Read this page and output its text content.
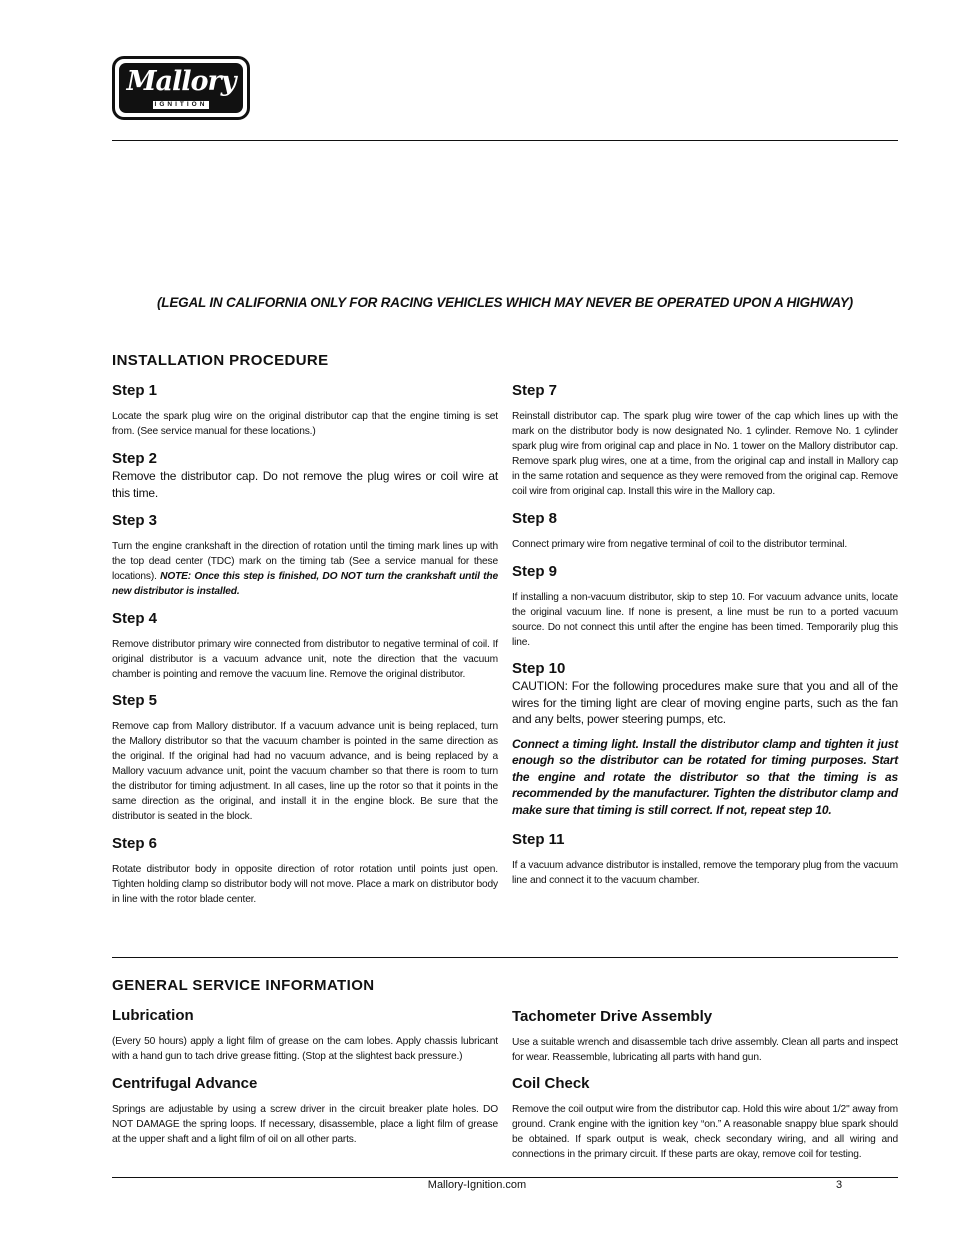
Mallory
IGNITION
(LEGAL IN CALIFORNIA ONLY FOR RACING VEHICLES WHICH MAY NEVER BE OPERATED UPON A HIGHWAY)
INSTALLATION PROCEDURE
Step 1

Locate the spark plug wire on the original distributor cap that the engine timing is set from. (See service manual for these locations.)

Step 2

Remove the distributor cap. Do not remove the plug wires or coil wire at this time.

Step 3

Turn the engine crankshaft in the direction of rotation until the timing mark lines up with the top dead center (TDC) mark on the timing tab (See a service manual for these locations). NOTE: Once this step is finished, DO NOT turn the crankshaft until the new distributor is installed.

Step 4

Remove distributor primary wire connected from distributor to negative terminal of coil. If original distributor is a vacuum advance unit, note the direction that the vacuum chamber is pointing and remove the vacuum line. Remove the original distributor.

Step 5

Remove cap from Mallory distributor. If a vacuum advance unit is being replaced, turn the Mallory distributor so that the vacuum chamber is pointed in the same direction as the original. If the original had had no vacuum advance, and is being replaced by a Mallory vacuum advance unit, point the vacuum chamber so that there is room to turn the distributor for timing adjustment. In all cases, line up the rotor so that it points in the same direction as the original, and install it in the engine block. Be sure that the distributor is seated in the block.

Step 6

Rotate distributor body in opposite direction of rotor rotation until points just open. Tighten holding clamp so distributor body will not move. Place a mark on distributor body in line with the rotor blade center.

Step 7

Reinstall distributor cap. The spark plug wire tower of the cap which lines up with the mark on the distributor body is now designated No. 1 cylinder. Remove No. 1 cylinder spark plug wire from original cap and place in No. 1 tower on the Mallory distributor cap. Remove spark plug wires, one at a time, from the original cap and install in Mallory cap in the same rotation and sequence as they were removed from the original cap. Remove coil wire from original cap. Install this wire in the Mallory cap.

Step 8

Connect primary wire from negative terminal of coil to the distributor terminal.

Step 9

If installing a non-vacuum distributor, skip to step 10. For vacuum advance units, locate the original vacuum line. If none is present, a line must be run to a ported vacuum source. Do not connect this until after the engine has been timed. Temporarily plug this line.

Step 10

CAUTION: For the following procedures make sure that you and all of the wires for the timing light are clear of moving engine parts, such as the fan and any belts, power steering pumps, etc.

Connect a timing light. Install the distributor clamp and tighten it just enough so the distributor can be rotated for timing purposes. Start the engine and rotate the distributor so that the timing is as recommended by the manufacturer. Tighten the distributor clamp and make sure that timing is still correct. If not, repeat step 10.

Step 11

If a vacuum advance distributor is installed, remove the temporary plug from the vacuum line and connect it to the vacuum chamber.

GENERAL SERVICE INFORMATION
Lubrication

(Every 50 hours) apply a light film of grease on the cam lobes. Apply chassis lubricant with a hand gun to tach drive grease fitting. (Stop at the slightest back pressure.)

Centrifugal Advance

Springs are adjustable by using a screw driver in the circuit breaker plate holes. DO NOT DAMAGE the spring loops. If necessary, disassemble, place a light film of grease at the upper shaft and a light film of oil on all other parts.

Tachometer Drive Assembly

Use a suitable wrench and disassemble tach drive assembly. Clean all parts and inspect for wear. Reassemble, lubricating all parts with hand gun.

Coil Check

Remove the coil output wire from the distributor cap. Hold this wire about 1/2" away from ground. Crank engine with the ignition key “on.” A reasonable snappy blue spark should be obtained. If spark output is weak, check secondary wiring, and all wiring and connections in the primary circuit. If these parts are okay, remove coil for testing.

Mallory-Ignition.com	3
